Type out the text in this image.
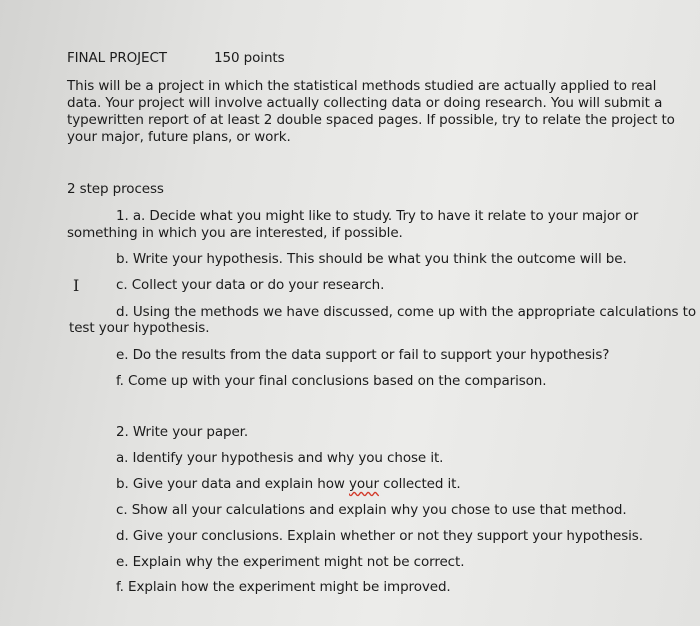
FINAL PROJECT	150 points
This will be a project in which the statistical methods studied are actually applied to real
data. Your project will involve actually collecting data or doing research. You will submit a
typewritten report of at least 2 double spaced pages. If possible, try to relate the project to
your major, future plans, or work.
2 step process
1. a. Decide what you might like to study. Try to have it relate to your major or
something in which you are interested, if possible.
b. Write your hypothesis. This should be what you think the outcome will be.
I	c. Collect your data or do your research.
d. Using the methods we have discussed, come up with the appropriate calculations to
test your hypothesis.
e. Do the results from the data support or fail to support your hypothesis?
f. Come up with your final conclusions based on the comparison.
2. Write your paper.
a. Identify your hypothesis and why you chose it.
b. Give your data and explain how your collected it.
c. Show all your calculations and explain why you chose to use that method.
d. Give your conclusions. Explain whether or not they support your hypothesis.
e. Explain why the experiment might not be correct.
f. Explain how the experiment might be improved.
